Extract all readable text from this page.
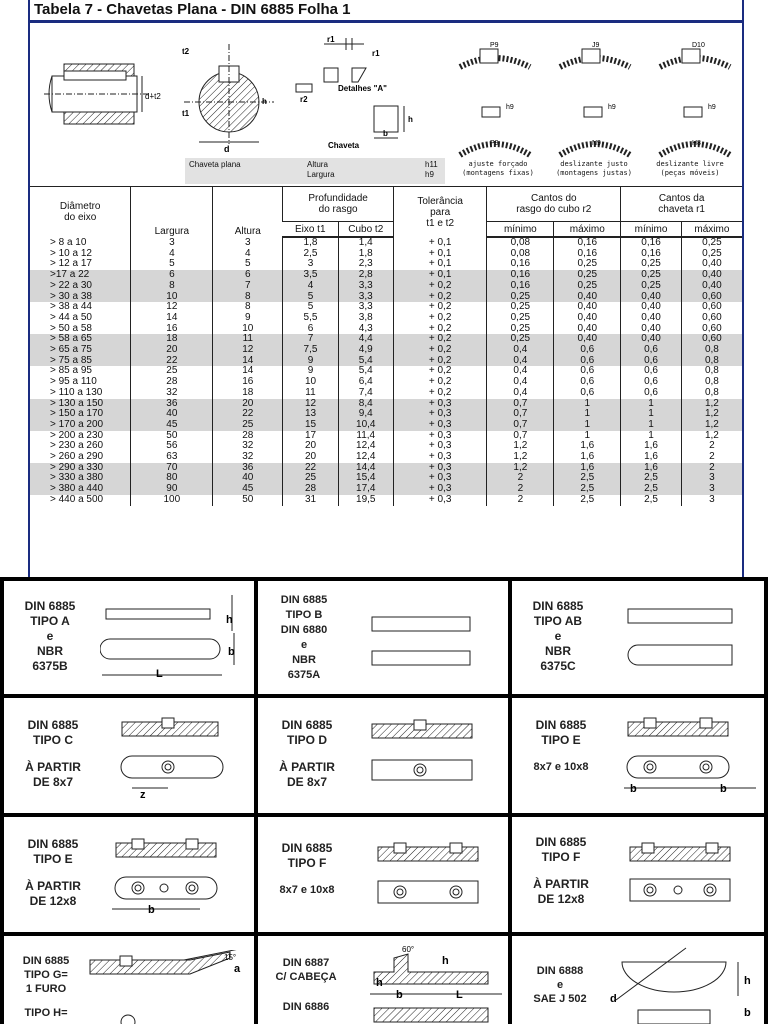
Tabela 7 - Chavetas Plana - DIN 6885 Folha 1
d+t2
d
t2
t1
h
r1
r1
r2
Detalhes "A"
h
b
Chaveta
P9
h9
P9
J9
h9
N9
D10
h9
H8
Chaveta plana	Altura
Largura
h11
h9
ajuste forçado
(montagens fixas)
deslizante justo
(montagens justas)
deslizante livre
(peças móveis)
Diâmetro
do eixo	Largura	Altura	Profundidade
do rasgo		Tolerância
para
t1 e t2	Cantos do
rasgo do cubo r2		Cantos da
chaveta r1	
			Eixo t1	Cubo t2		mínimo	máximo	mínimo	máximo
> 8 a 10	3	3	1,8	1,4	+ 0,1	0,08	0,16	0,16	0,25
> 10 a 12	4	4	2,5	1,8	+ 0,1	0,08	0,16	0,16	0,25
> 12 a 17	5	5	3	2,3	+ 0,1	0,16	0,25	0,25	0,40
>17 a 22	6	6	3,5	2,8	+ 0,1	0,16	0,25	0,25	0,40
> 22 a 30	8	7	4	3,3	+ 0,2	0,16	0,25	0,25	0,40
> 30 a 38	10	8	5	3,3	+ 0,2	0,25	0,40	0,40	0,60
> 38 a 44	12	8	5	3,3	+ 0,2	0,25	0,40	0,40	0,60
> 44 a 50	14	9	5,5	3,8	+ 0,2	0,25	0,40	0,40	0,60
> 50 a 58	16	10	6	4,3	+ 0,2	0,25	0,40	0,40	0,60
> 58 a 65	18	11	7	4,4	+ 0,2	0,25	0,40	0,40	0,60
> 65 a 75	20	12	7,5	4,9	+ 0,2	0,4	0,6	0,6	0,8
> 75 a 85	22	14	9	5,4	+ 0,2	0,4	0,6	0,6	0,8
> 85 a 95	25	14	9	5,4	+ 0,2	0,4	0,6	0,6	0,8
> 95 a 110	28	16	10	6,4	+ 0,2	0,4	0,6	0,6	0,8
> 110 a 130	32	18	11	7,4	+ 0,2	0,4	0,6	0,6	0,8
> 130 a 150	36	20	12	8,4	+ 0,3	0,7	1	1	1,2
> 150 a 170	40	22	13	9,4	+ 0,3	0,7	1	1	1,2
> 170 a 200	45	25	15	10,4	+ 0,3	0,7	1	1	1,2
> 200 a 230	50	28	17	11,4	+ 0,3	0,7	1	1	1,2
> 230 a 260	56	32	20	12,4	+ 0,3	1,2	1,6	1,6	2
> 260 a 290	63	32	20	12,4	+ 0,3	1,2	1,6	1,6	2
> 290 a 330	70	36	22	14,4	+ 0,3	1,2	1,6	1,6	2
> 330 a 380	80	40	25	15,4	+ 0,3	2	2,5	2,5	3
> 380 a 440	90	45	28	17,4	+ 0,3	2	2,5	2,5	3
> 440 a 500	100	50	31	19,5	+ 0,3	2	2,5	2,5	3
DIN 6885
TIPO A
e
NBR
6375B
h
b
L
DIN 6885
TIPO B
DIN 6880
e
NBR
6375A
DIN 6885
TIPO AB
e
NBR
6375C
DIN 6885
TIPO C
À PARTIR
DE 8x7
z
DIN 6885
TIPO D
À PARTIR
DE 8x7
DIN 6885
TIPO E
8x7 e 10x8
b	b
DIN 6885
TIPO E
À PARTIR
DE 12x8
b
DIN 6885
TIPO F
8x7 e 10x8
DIN 6885
TIPO F
À PARTIR
DE 12x8
DIN 6885
TIPO G=
1 FURO
TIPO H=
15°
a	DIN 6887
C/ CABEÇA
DIN 6886
60°
h
h
b	L
DIN 6888
e
SAE J 502	d
h
b
